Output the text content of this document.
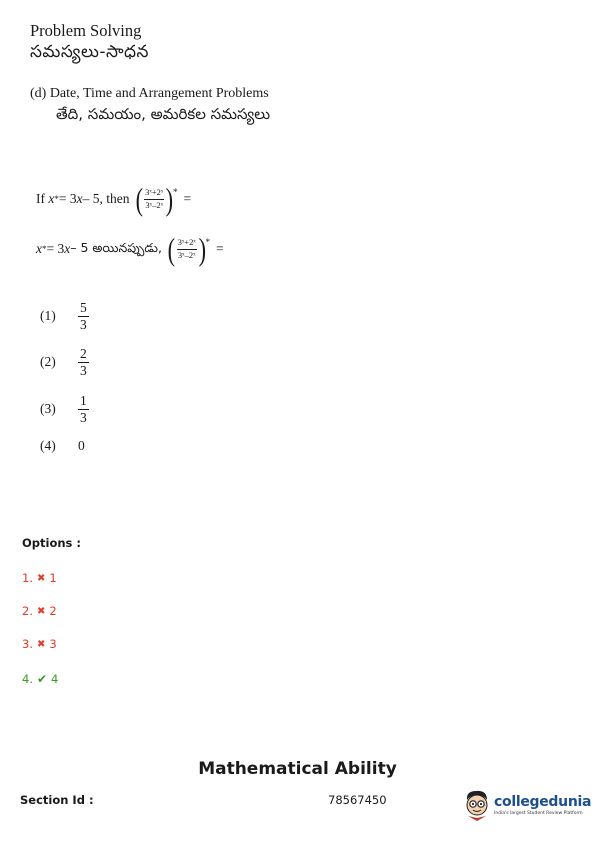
Problem Solving
సమస్యలు-సాధన
(d) Date, Time and Arrangement Problems
తేది, సమయం, అమరికల సమస్యలు
If
x * = 3 x – 5, then ( $\frac{\text{3ˣ+2ˣ}}{\text{3ˣ–2ˣ}}$ ) * =
x * = 3 x – 5 అయినప్పుడు, ( $\frac{\text{3ˣ+2ˣ}}{\text{3ˣ–2ˣ}}$ ) * =
(1)	$\frac{5}{3}$
(2)	$\frac{2}{3}$
(3)	$\frac{1}{3}$
(4)	0
Options :
1. ✖ 1
2. ✖ 2
3. ✖ 3
4. ✔ 4
Mathematical Ability
Section Id :	78567450	collegedunia
India's largest Student Review Platform
